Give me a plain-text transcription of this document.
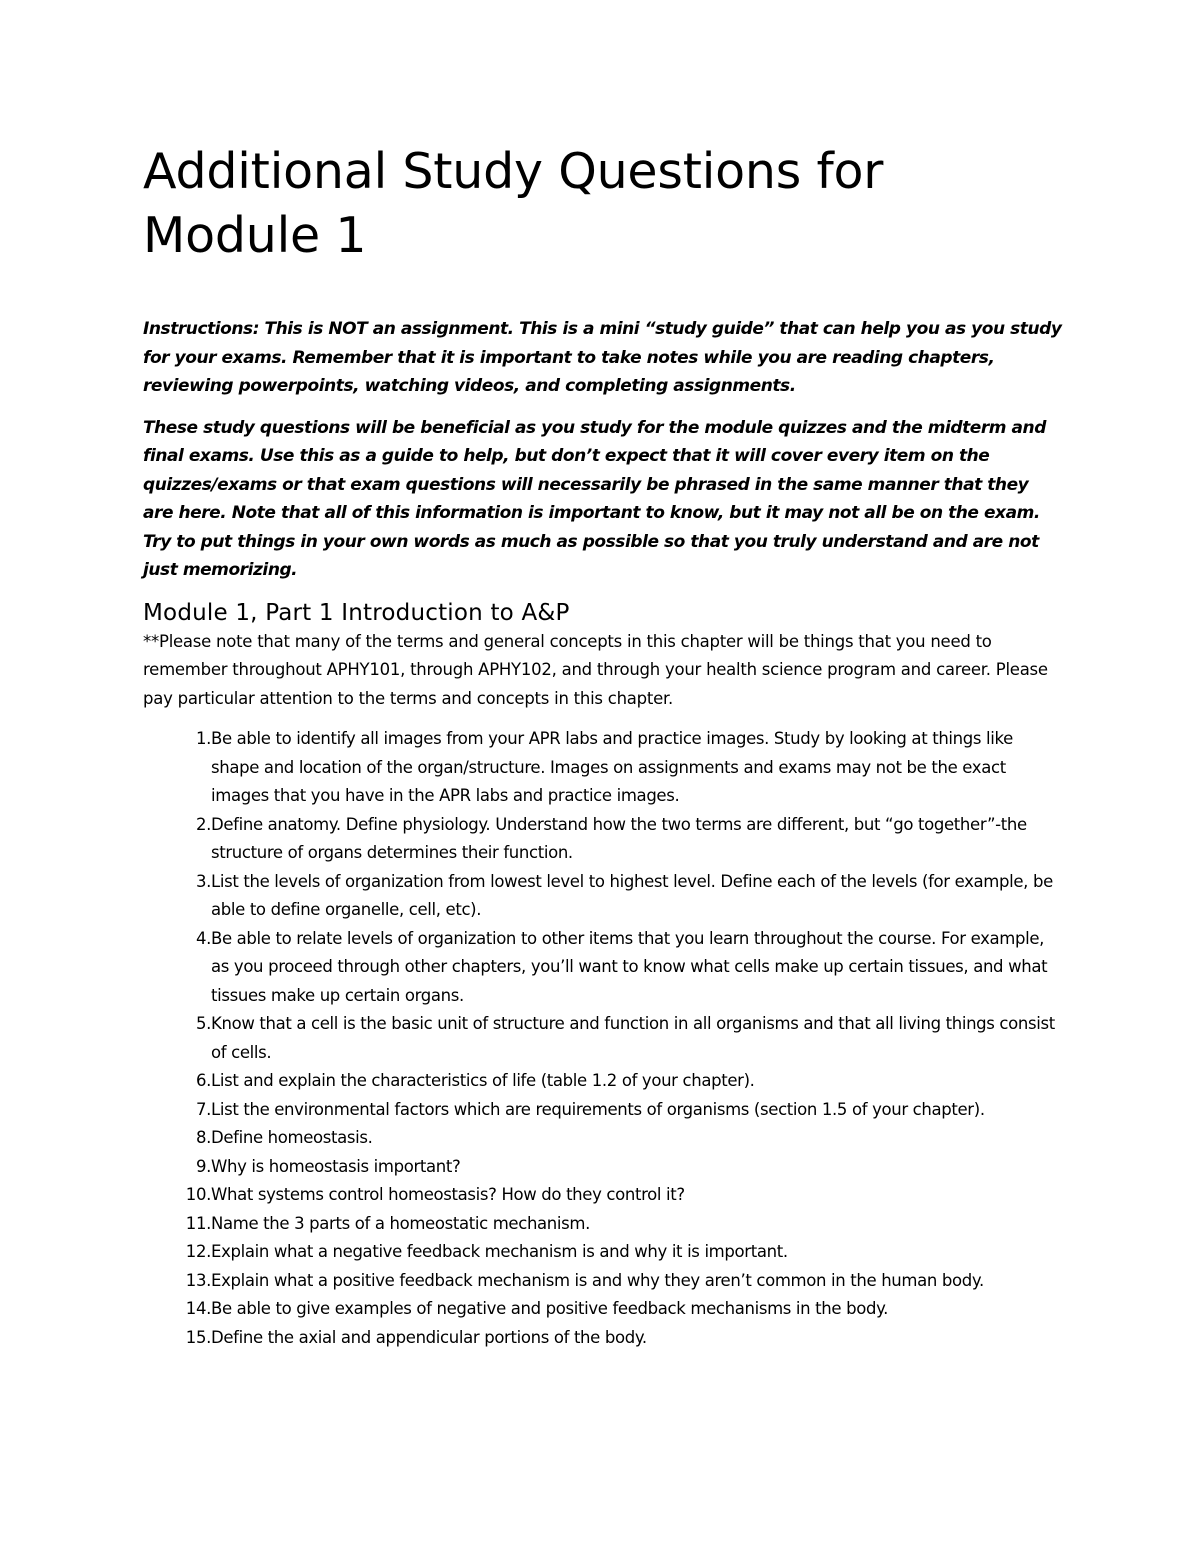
Additional Study Questions for Module 1

Instructions: This is NOT an assignment. This is a mini “study guide” that can help you as you study for your exams. Remember that it is important to take notes while you are reading chapters, reviewing powerpoints, watching videos, and completing assignments.

These study questions will be beneficial as you study for the module quizzes and the midterm and final exams. Use this as a guide to help, but don’t expect that it will cover every item on the quizzes/exams or that exam questions will necessarily be phrased in the same manner that they are here. Note that all of this information is important to know, but it may not all be on the exam. Try to put things in your own words as much as possible so that you truly understand and are not just memorizing.

Module 1, Part 1 Introduction to A&P

**Please note that many of the terms and general concepts in this chapter will be things that you need to remember throughout APHY101, through APHY102, and through your health science program and career. Please pay particular attention to the terms and concepts in this chapter.

1. Be able to identify all images from your APR labs and practice images. Study by looking at things like shape and location of the organ/structure. Images on assignments and exams may not be the exact images that you have in the APR labs and practice images.
2. Define anatomy. Define physiology. Understand how the two terms are different, but “go together”-the structure of organs determines their function.
3. List the levels of organization from lowest level to highest level. Define each of the levels (for example, be able to define organelle, cell, etc).
4. Be able to relate levels of organization to other items that you learn throughout the course. For example, as you proceed through other chapters, you’ll want to know what cells make up certain tissues, and what tissues make up certain organs.
5. Know that a cell is the basic unit of structure and function in all organisms and that all living things consist of cells.
6. List and explain the characteristics of life (table 1.2 of your chapter).
7. List the environmental factors which are requirements of organisms (section 1.5 of your chapter).
8. Define homeostasis.
9. Why is homeostasis important?
10. What systems control homeostasis? How do they control it?
11. Name the 3 parts of a homeostatic mechanism.
12. Explain what a negative feedback mechanism is and why it is important.
13. Explain what a positive feedback mechanism is and why they aren’t common in the human body.
14. Be able to give examples of negative and positive feedback mechanisms in the body.
15. Define the axial and appendicular portions of the body.
